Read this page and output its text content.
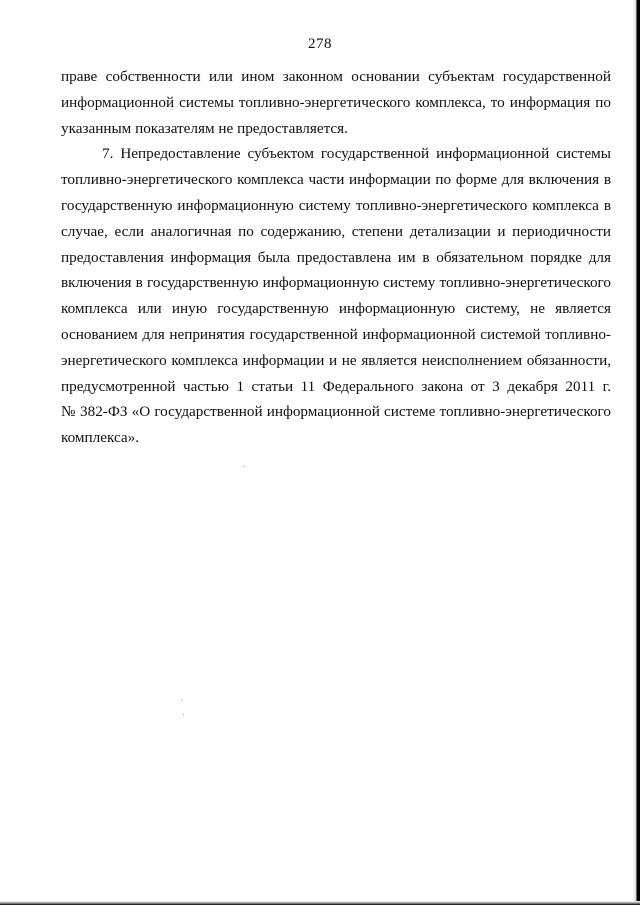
278
праве собственности или ином законном основании субъектам государственной
информационной системы топливно-энергетического комплекса, то информация по
указанным показателям не предоставляется.
7. Непредоставление субъектом государственной информационной системы
топливно-энергетического комплекса части информации по форме для включения в
государственную информационную систему топливно-энергетического комплекса в
случае, если аналогичная по содержанию, степени детализации и периодичности
предоставления информация была предоставлена им в обязательном порядке для
включения в государственную информационную систему топливно-энергетического
комплекса или иную государственную информационную систему, не является
основанием для непринятия государственной информационной системой топливно-
энергетического комплекса информации и не является неисполнением обязанности,
предусмотренной частью 1 статьи 11 Федерального закона от 3 декабря 2011 г.
№ 382-ФЗ «О государственной информационной системе топливно-энергетического
комплекса».
